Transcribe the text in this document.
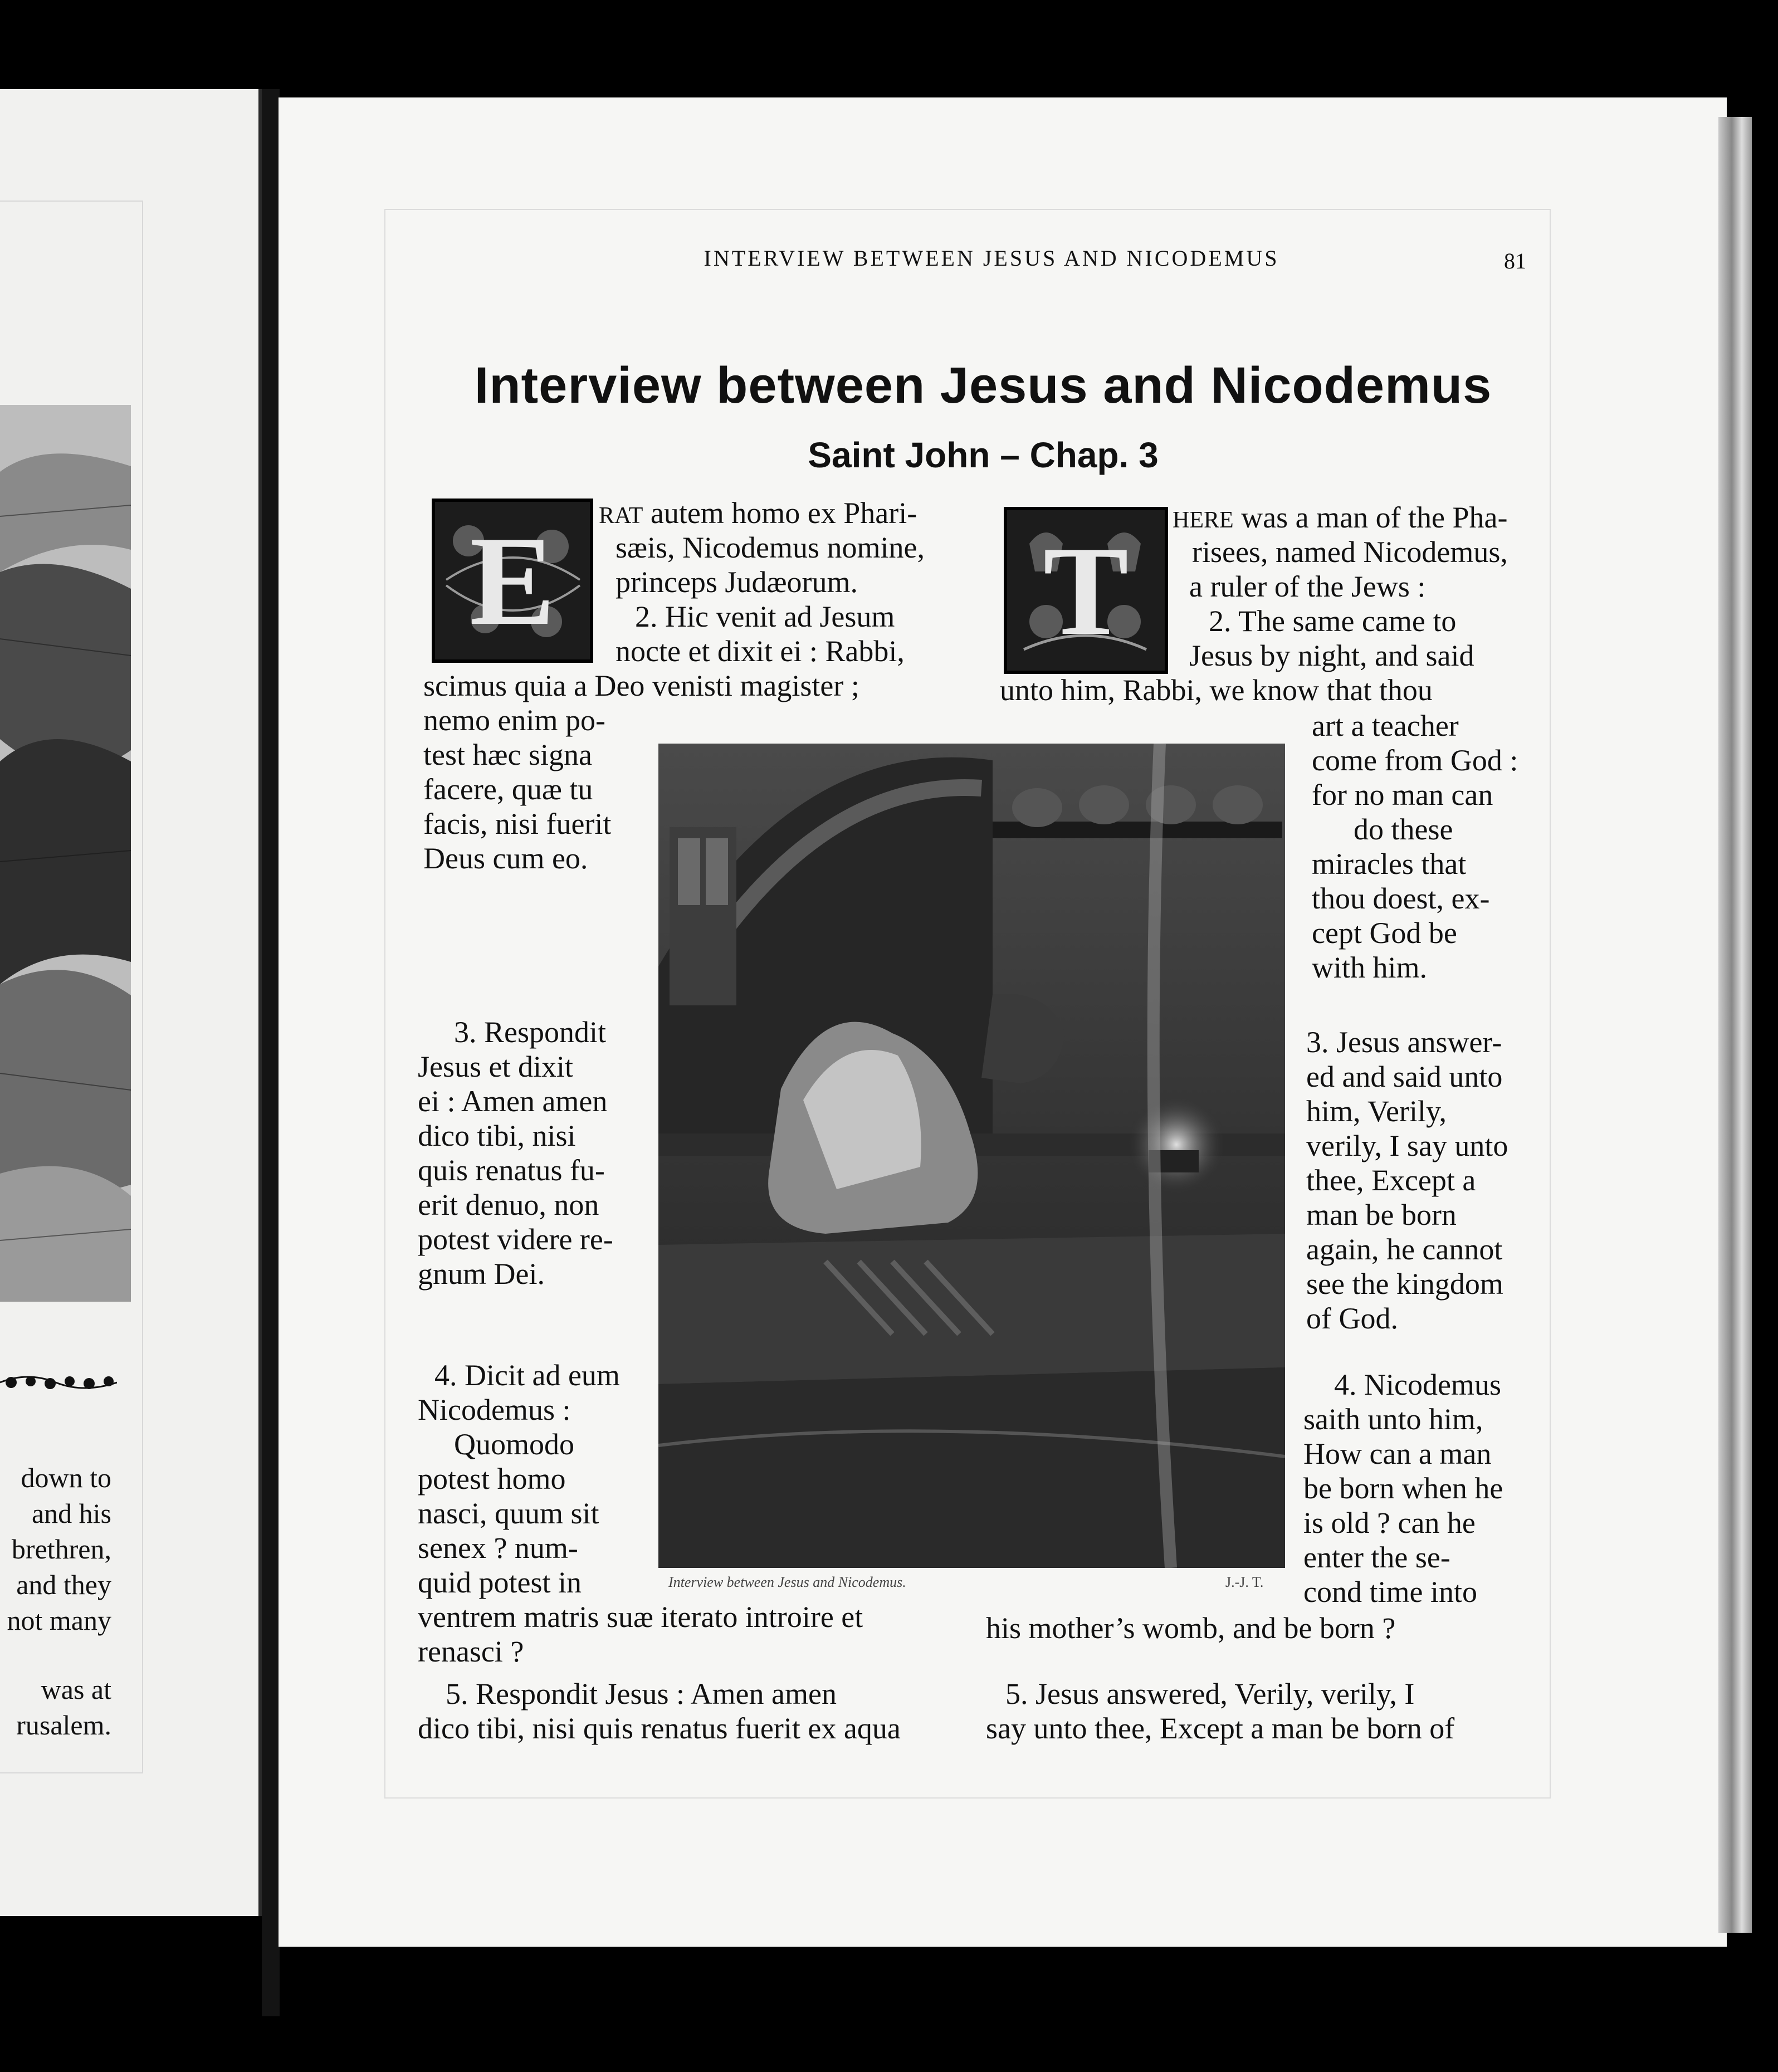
down to
and his
brethren,
and they
not many
was at
rusalem.
INTERVIEW BETWEEN JESUS AND NICODEMUS	81
Interview between Jesus and Nicodemus
Saint John – Chap. 3
E	T
RAT autem homo ex Phari-
sæis, Nicodemus nomine,
princeps Judæorum.
2. Hic venit ad Jesum
nocte et dixit ei : Rabbi,
scimus quia a Deo venisti magister ;
nemo enim po-
test hæc signa
facere, quæ tu
facis, nisi fuerit
Deus cum eo.
3. Respondit
Jesus et dixit
ei : Amen amen
dico tibi, nisi
quis renatus fu-
erit denuo, non
potest videre re-
gnum Dei.
4. Dicit ad eum
Nicodemus :
Quomodo
potest homo
nasci, quum sit
senex ? num-
quid potest in
ventrem matris suæ iterato introire et
renasci ?
5. Respondit Jesus : Amen amen
dico tibi, nisi quis renatus fuerit ex aqua
HERE was a man of the Pha-
risees, named Nicodemus,
a ruler of the Jews :
2. The same came to
Jesus by night, and said
unto him, Rabbi, we know that thou
art a teacher
come from God :
for no man can
do these
miracles that
thou doest, ex-
cept God be
with him.
3. Jesus answer-
ed and said unto
him, Verily,
verily, I say unto
thee, Except a
man be born
again, he cannot
see the kingdom
of God.
4. Nicodemus
saith unto him,
How can a man
be born when he
is old ? can he
enter the se-
cond time into
his mother’s womb, and be born ?
5. Jesus answered, Verily, verily, I
say unto thee, Except a man be born of
Interview between Jesus and Nicodemus.	J.-J. T.
